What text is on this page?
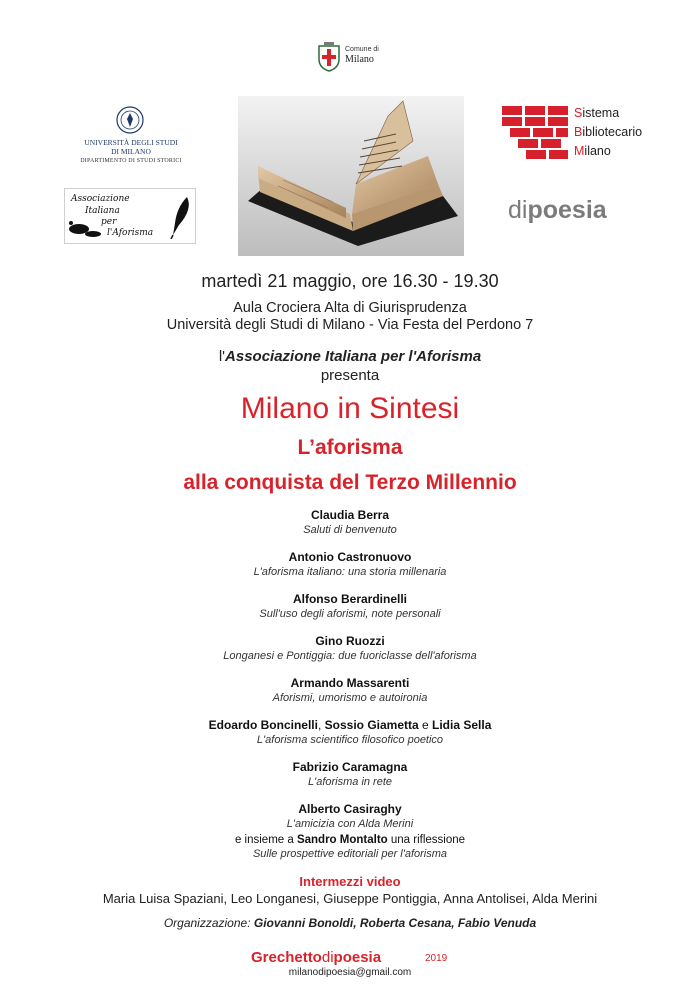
Comune di
Milano
UNIVERSITÀ DEGLI STUDI
DI MILANO
DIPARTIMENTO DI STUDI STORICI
Associazione
Italiana
per
l'Aforisma
Sistema
Bibliotecario
Milano
dipoesia
martedì 21 maggio, ore 16.30 - 19.30
Aula Crociera Alta di Giurisprudenza
Università degli Studi di Milano - Via Festa del Perdono 7
l'Associazione Italiana per l'Aforisma
presenta
Milano in Sintesi
L’aforisma
alla conquista del Terzo Millennio
Claudia Berra
Saluti di benvenuto
Antonio Castronuovo
L'aforisma italiano: una storia millenaria
Alfonso Berardinelli
Sull'uso degli aforismi, note personali
Gino Ruozzi
Longanesi e Pontiggia: due fuoriclasse dell'aforisma
Armando Massarenti
Aforismi, umorismo e autoironia
Edoardo Boncinelli, Sossio Giametta e Lidia Sella
L'aforisma scientifico filosofico poetico
Fabrizio Caramagna
L'aforisma in rete
Alberto Casiraghy
L'amicizia con Alda Merini
e insieme a Sandro Montalto una riflessione
Sulle prospettive editoriali per l'aforisma
Intermezzi video
Maria Luisa Spaziani, Leo Longanesi, Giuseppe Pontiggia, Anna Antolisei, Alda Merini
Organizzazione: Giovanni Bonoldi, Roberta Cesana, Fabio Venuda
Grechettodipoesia	2019
milanodipoesia@gmail.com
